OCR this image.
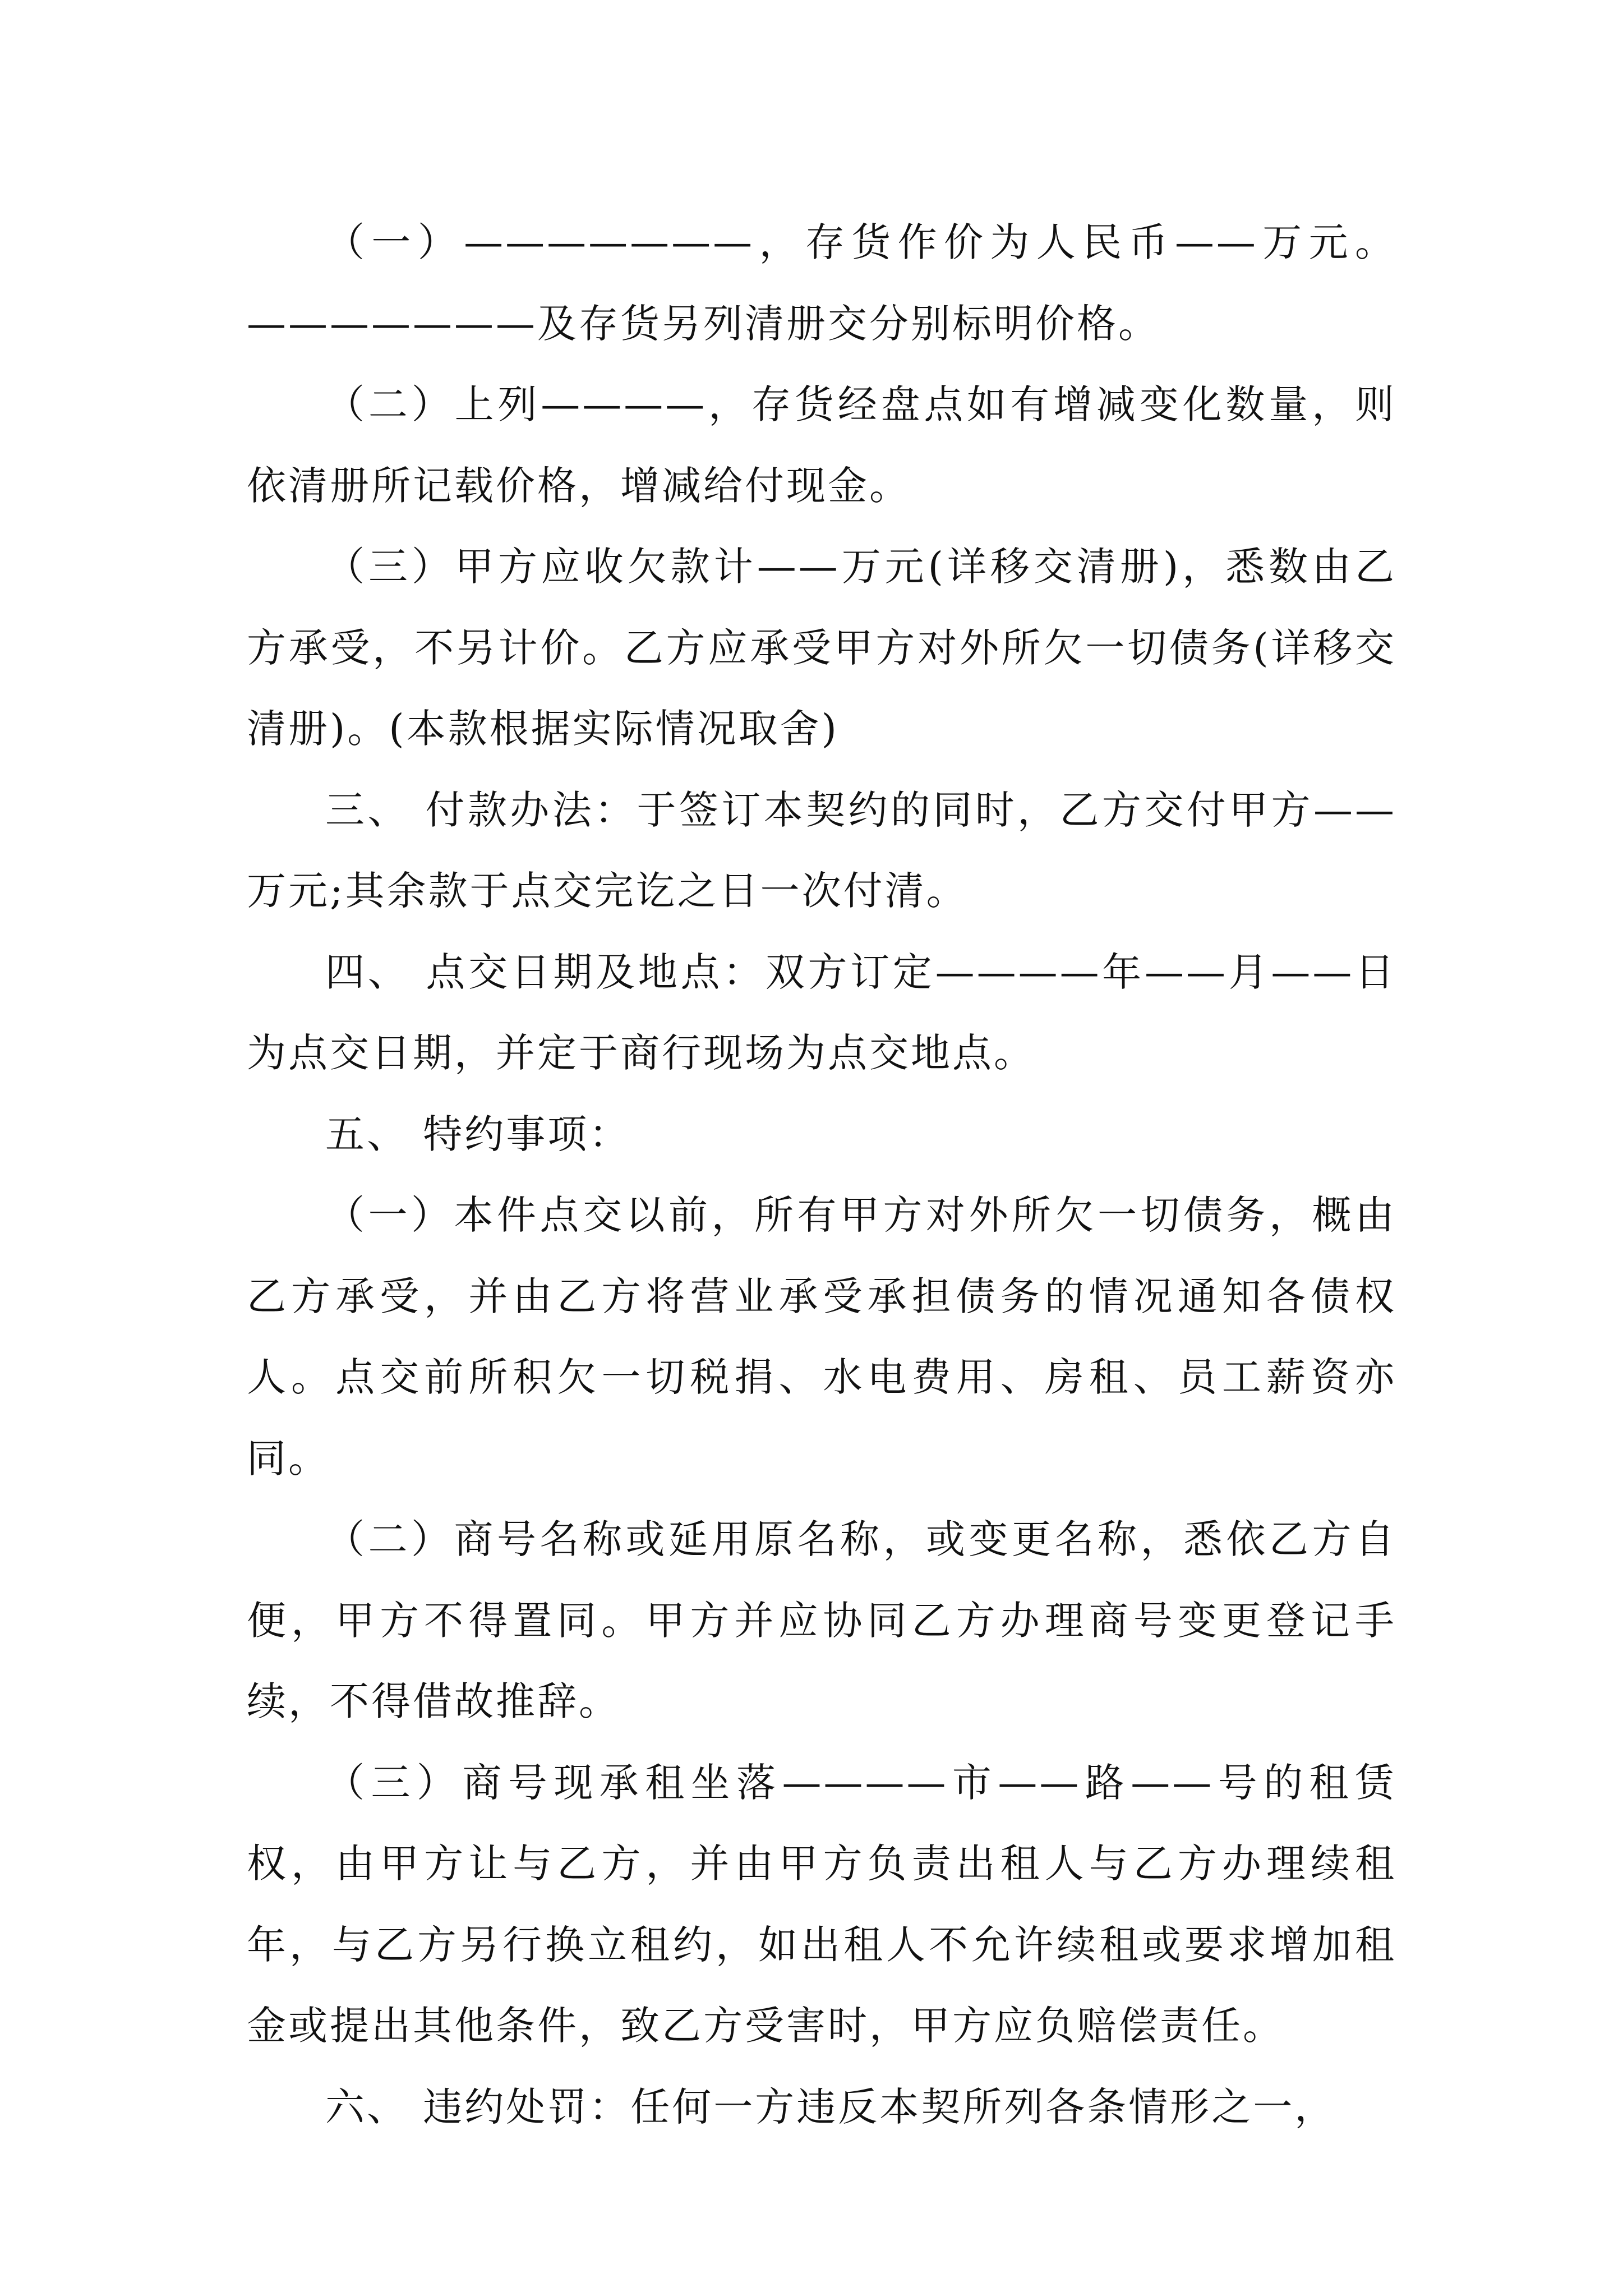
（一）———————，存货作价为人民币——万元。———————及存货另列清册交分别标明价格。

（二）上列————，存货经盘点如有增减变化数量，则依清册所记载价格，增减给付现金。

（三）甲方应收欠款计——万元(详移交清册)，悉数由乙方承受，不另计价。乙方应承受甲方对外所欠一切债务(详移交清册)。(本款根据实际情况取舍)

三、 付款办法：于签订本契约的同时，乙方交付甲方——万元;其余款于点交完讫之日一次付清。

四、 点交日期及地点：双方订定————年——月——日为点交日期，并定于商行现场为点交地点。

五、 特约事项：

（一）本件点交以前，所有甲方对外所欠一切债务，概由乙方承受，并由乙方将营业承受承担债务的情况通知各债权人。点交前所积欠一切税捐、水电费用、房租、员工薪资亦同。

（二）商号名称或延用原名称，或变更名称，悉依乙方自便，甲方不得置同。甲方并应协同乙方办理商号变更登记手续，不得借故推辞。

（三）商号现承租坐落————市——路——号的租赁权，由甲方让与乙方，并由甲方负责出租人与乙方办理续租年，与乙方另行换立租约，如出租人不允许续租或要求增加租金或提出其他条件，致乙方受害时，甲方应负赔偿责任。

六、 违约处罚：任何一方违反本契所列各条情形之一，
